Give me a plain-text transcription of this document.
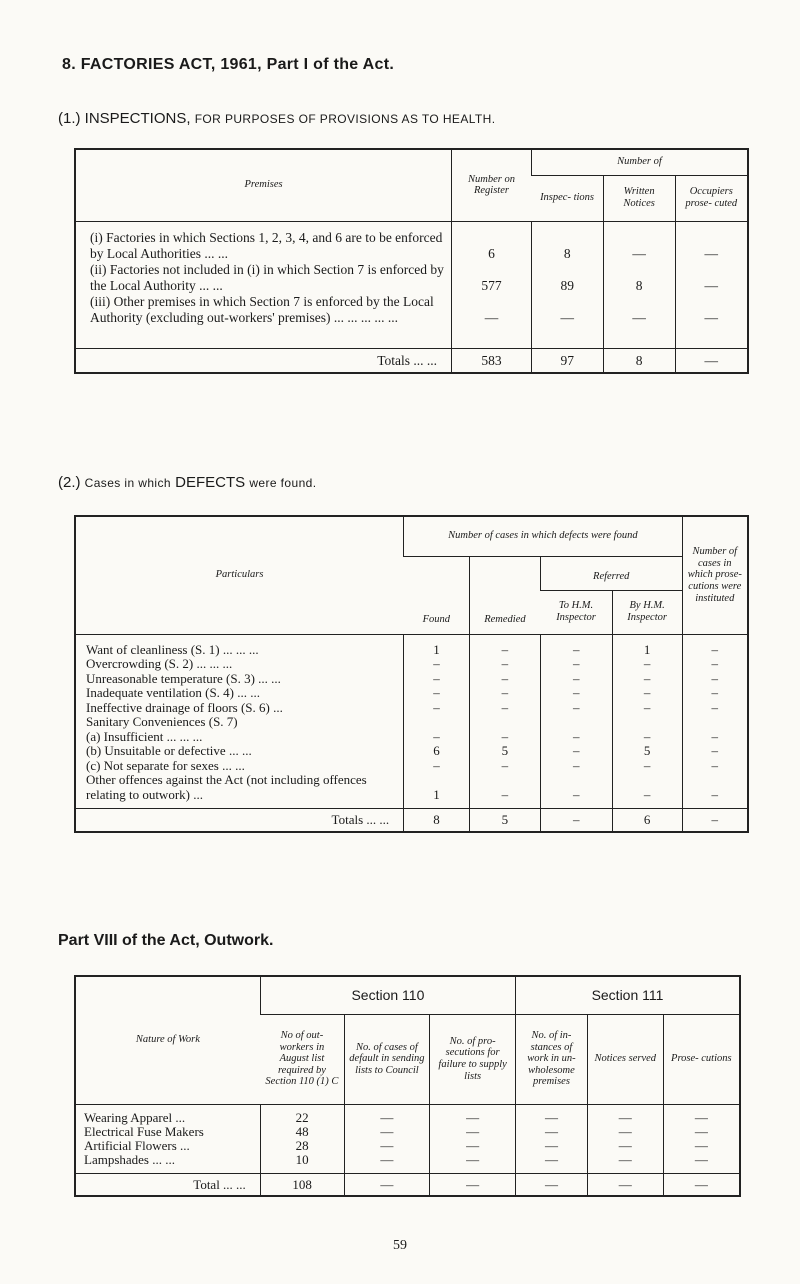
8. FACTORIES ACT, 1961, Part I of the Act.
(1.) INSPECTIONS, FOR PURPOSES OF PROVISIONS AS TO HEALTH.
Premises	Number on Register	Number of		
		Inspec- tions	Written Notices	Occupiers prose- cuted
(i) Factories in which Sections 1, 2, 3, 4, and 6 are to be enforced by Local Authorities ... ...	6	8	—	—
(ii) Factories not included in (i) in which Section 7 is enforced by the Local Authority ... ...	577	89	8	—
(iii) Other premises in which Section 7 is enforced by the Local Authority (excluding out-workers' premises) ... ... ... ... ...	—	—	—	—
Totals ... ...	583	97	8	—
(2.) Cases in which DEFECTS were found.
Particulars	Number of cases in which defects were found				Number of cases in which prose- cutions were instituted
	Found	Remedied	Referred		
			To H.M. Inspector	By H.M. Inspector	
Want of cleanliness (S. 1) ... ... ...	1	–	–	1	–
Overcrowding (S. 2) ... ... ...	–	–	–	–	–
Unreasonable temperature (S. 3) ... ...	–	–	–	–	–
Inadequate ventilation (S. 4) ... ...	–	–	–	–	–
Ineffective drainage of floors (S. 6) ...	–	–	–	–	–
Sanitary Conveniences (S. 7)					
(a) Insufficient ... ... ...	–	–	–	–	–
(b) Unsuitable or defective ... ...	6	5	–	5	–
(c) Not separate for sexes ... ...	–	–	–	–	–
Other offences against the Act (not including offences relating to outwork) ...	1	–	–	–	–
Totals ... ...	8	5	–	6	–
Part VIII of the Act, Outwork.
Nature of Work	Section 110			Section 111		
	No of out- workers in August list required by Section 110 (1) C	No. of cases of default in sending lists to Council	No. of pro- secutions for failure to supply lists	No. of in- stances of work in un- wholesome premises	Notices served	Prose- cutions
Wearing Apparel ...	22	—	—	—	—	—
Electrical Fuse Makers	48	—	—	—	—	—
Artificial Flowers ...	28	—	—	—	—	—
Lampshades ... ...	10	—	—	—	—	—
Total ... ...	108	—	—	—	—	—
59
